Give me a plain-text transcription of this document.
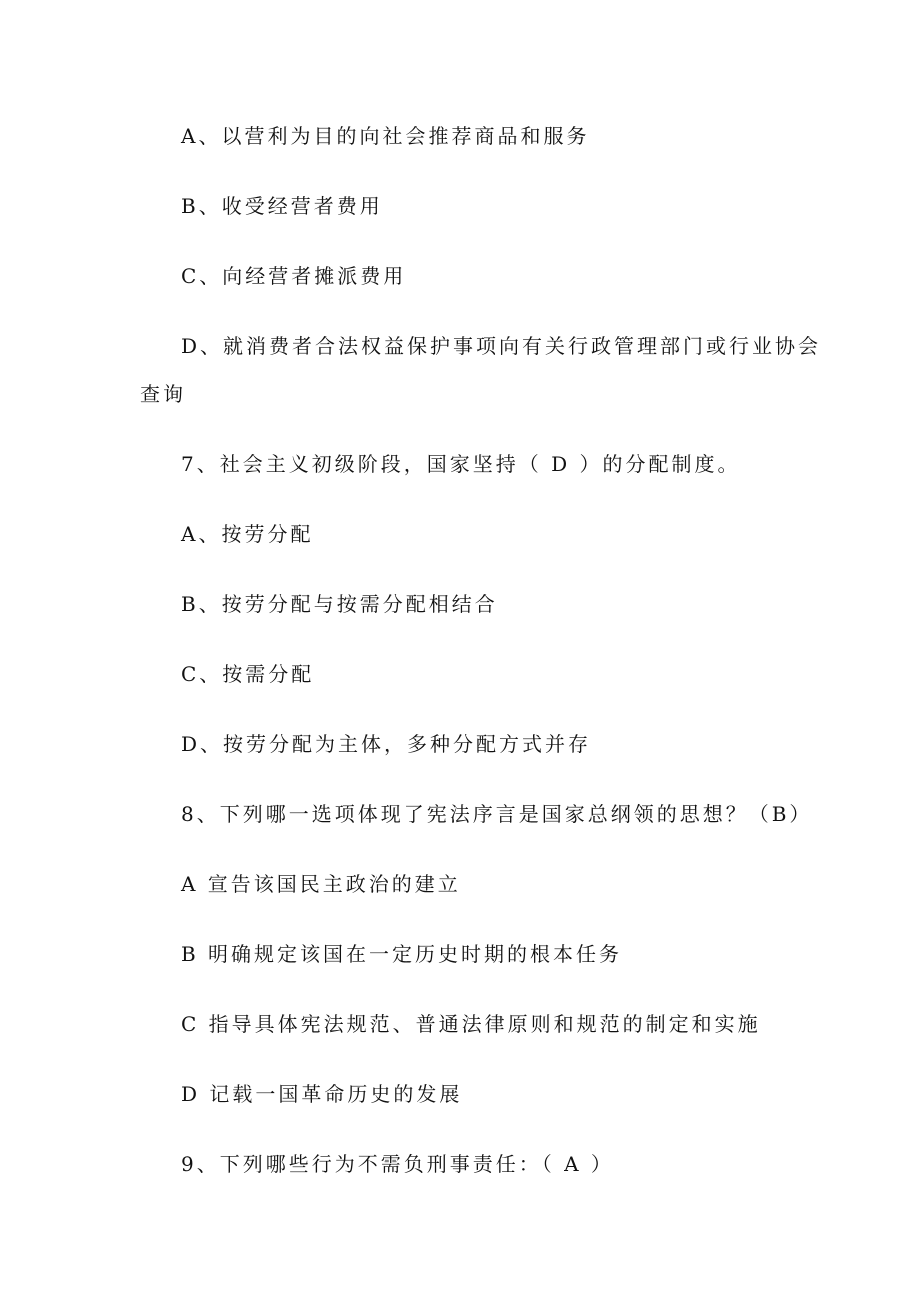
A、以营利为目的向社会推荐商品和服务
B、收受经营者费用
C、向经营者摊派费用
D、就消费者合法权益保护事项向有关行政管理部门或行业协会
查询
7、社会主义初级阶段，国家坚持（ D ）的分配制度。
A、按劳分配
B、按劳分配与按需分配相结合
C、按需分配
D、按劳分配为主体，多种分配方式并存
8、下列哪一选项体现了宪法序言是国家总纲领的思想？（B）
A 宣告该国民主政治的建立
B 明确规定该国在一定历史时期的根本任务
C 指导具体宪法规范、普通法律原则和规范的制定和实施
D 记载一国革命历史的发展
9、下列哪些行为不需负刑事责任：（ A ）
